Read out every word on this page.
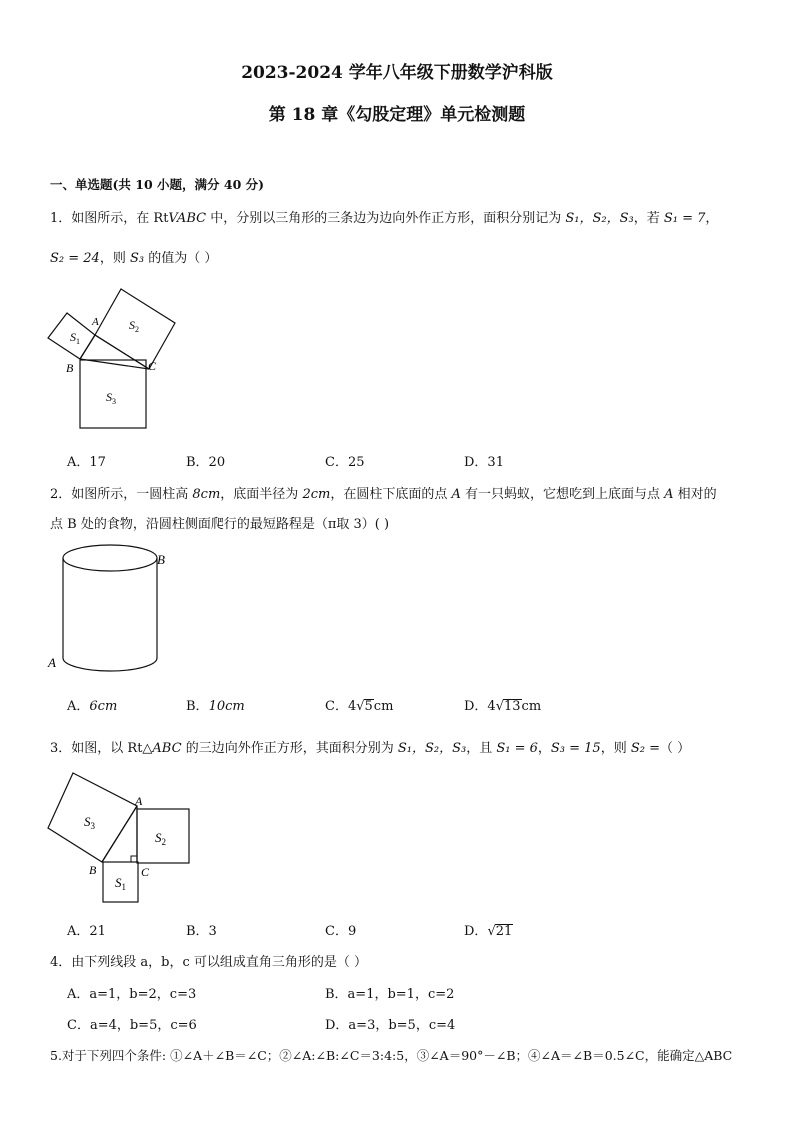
2023-2024 学年八年级下册数学沪科版
第 18 章《勾股定理》单元检测题
一、单选题(共 10 小题，满分 40 分)
1．如图所示，在 RtVABC 中，分别以三角形的三条边为边向外作正方形，面积分别记为 S₁，S₂，S₃，若 S₁ = 7，
S₂ = 24，则 S₃ 的值为（ ）
A
B	C
$S_1$
$S_2$
$S_3$
A．17	B．20	C．25	D．31
2．如图所示，一圆柱高 8cm，底面半径为 2cm，在圆柱下底面的点 A 有一只蚂蚁，它想吃到上底面与点 A 相对的
点 B 处的食物，沿圆柱侧面爬行的最短路程是（π取 3）( )
B
A
A．6cm	B．10cm	C．4√5cm	D．4√13cm
3．如图，以 Rt△ABC 的三边向外作正方形，其面积分别为 S₁，S₂，S₃，且 S₁ = 6，S₃ = 15，则 S₂ =（ ）
A
B	C
$S_3$
$S_2$
$S_1$
A．21	B．3	C．9	D．√21
4．由下列线段 a，b，c 可以组成直角三角形的是（ ）
A．a=1，b=2，c=3	B．a=1，b=1，c=2
C．a=4，b=5，c=6	D．a=3，b=5，c=4
5.对于下列四个条件: ①∠A＋∠B＝∠C；②∠A:∠B:∠C＝3:4:5，③∠A＝90°－∠B；④∠A＝∠B＝0.5∠C，能确定△ABC
